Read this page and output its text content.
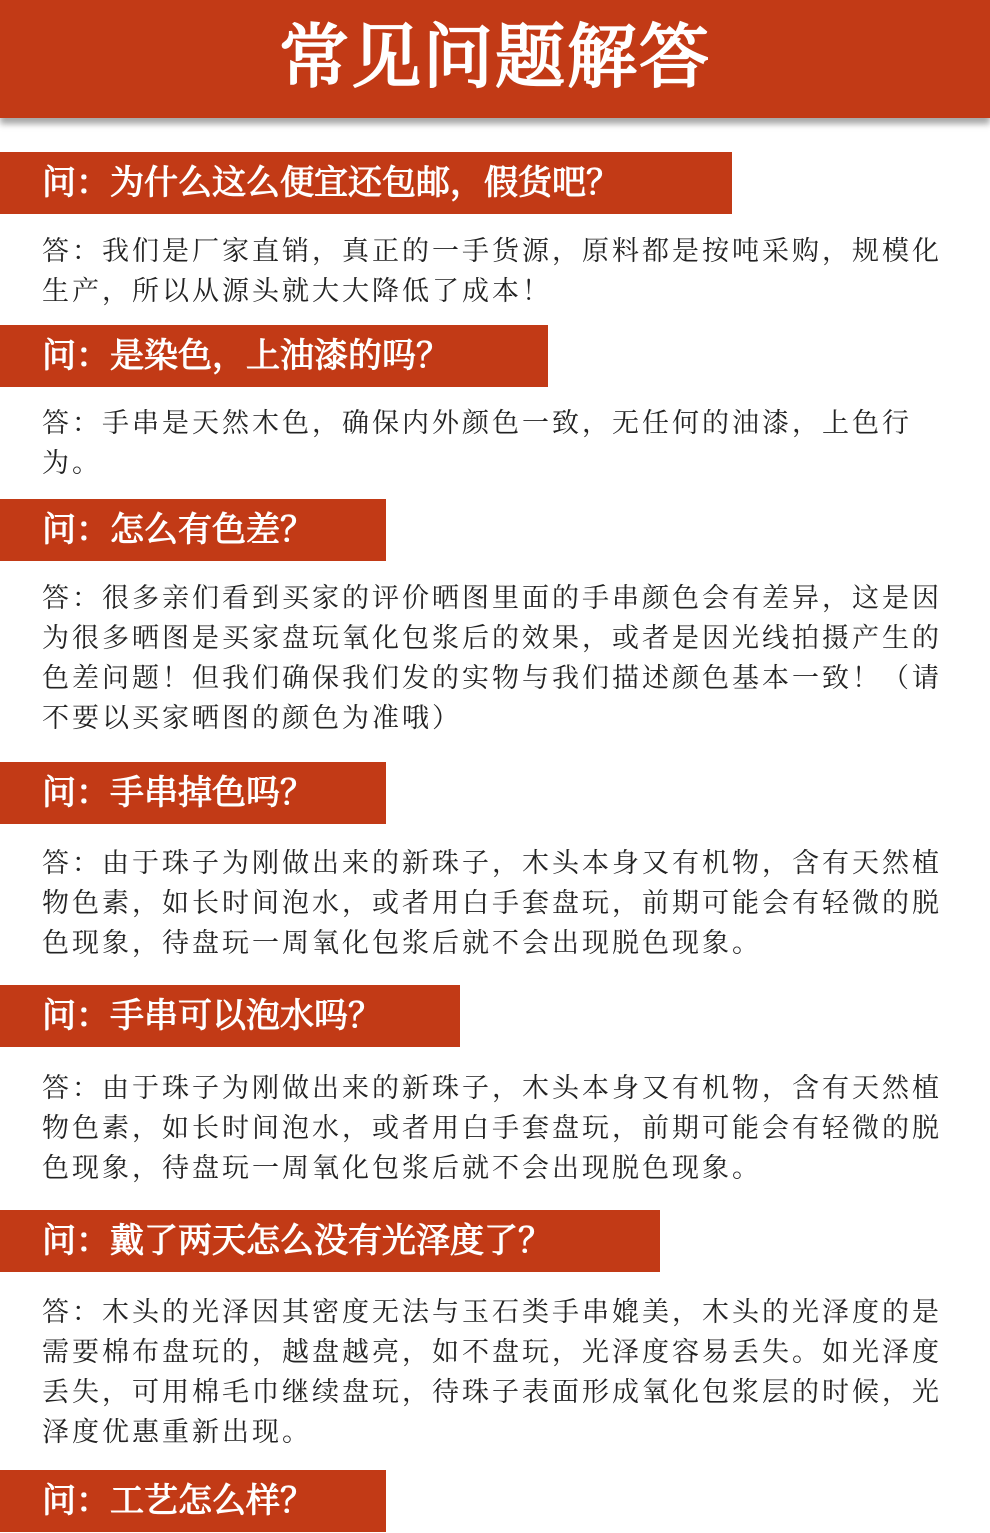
常见问题解答
问：为什么这么便宜还包邮，假货吧？

答：我们是厂家直销，真正的一手货源，原料都是按吨采购，规模化生产，所以从源头就大大降低了成本！

问：是染色，上油漆的吗？

答：手串是天然木色，确保内外颜色一致，无任何的油漆，上色行为。

问：怎么有色差？

答：很多亲们看到买家的评价晒图里面的手串颜色会有差异，这是因为很多晒图是买家盘玩氧化包浆后的效果，或者是因光线拍摄产生的色差问题！但我们确保我们发的实物与我们描述颜色基本一致！（请不要以买家晒图的颜色为准哦）

问：手串掉色吗？

答：由于珠子为刚做出来的新珠子，木头本身又有机物，含有天然植物色素，如长时间泡水，或者用白手套盘玩，前期可能会有轻微的脱色现象，待盘玩一周氧化包浆后就不会出现脱色现象。

问：手串可以泡水吗？

答：由于珠子为刚做出来的新珠子，木头本身又有机物，含有天然植物色素，如长时间泡水，或者用白手套盘玩，前期可能会有轻微的脱色现象，待盘玩一周氧化包浆后就不会出现脱色现象。

问：戴了两天怎么没有光泽度了？

答：木头的光泽因其密度无法与玉石类手串媲美，木头的光泽度的是需要棉布盘玩的，越盘越亮，如不盘玩，光泽度容易丢失。如光泽度丢失，可用棉毛巾继续盘玩，待珠子表面形成氧化包浆层的时候，光泽度优惠重新出现。

问：工艺怎么样？
